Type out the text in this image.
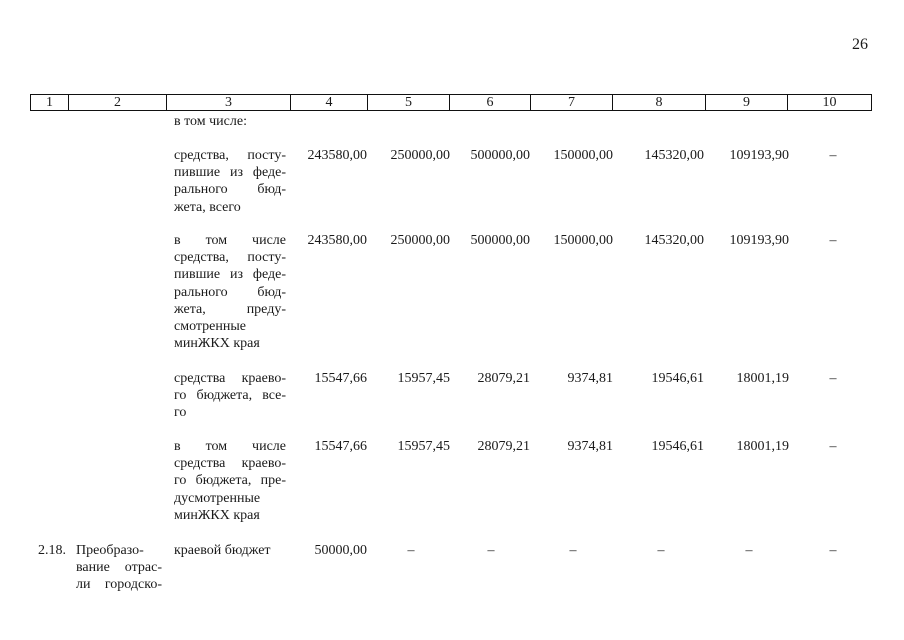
26
1	2	3	4	5	6	7	8	9	10
в том числе:
средства, посту-
пившие из феде-
рального бюд-
жета, всего
243580,00 250000,00 500000,00 150000,00 145320,00 109193,90	–
в том числе
средства, посту-
пившие из феде-
рального бюд-
жета, преду-
смотренные
минЖКХ края
243580,00 250000,00 500000,00 150000,00 145320,00 109193,90	–
средства краево-
го бюджета, все-
го
15547,66 15957,45 28079,21	9374,81	19546,61 18001,19	–
в том числе
средства краево-
го бюджета, пре-
дусмотренные
минЖКХ края
15547,66 15957,45 28079,21	9374,81	19546,61 18001,19	–
2.18. Преобразо-
вание отрас-
ли городско-
краевой бюджет	50000,00	–	–	–	–	–	–
